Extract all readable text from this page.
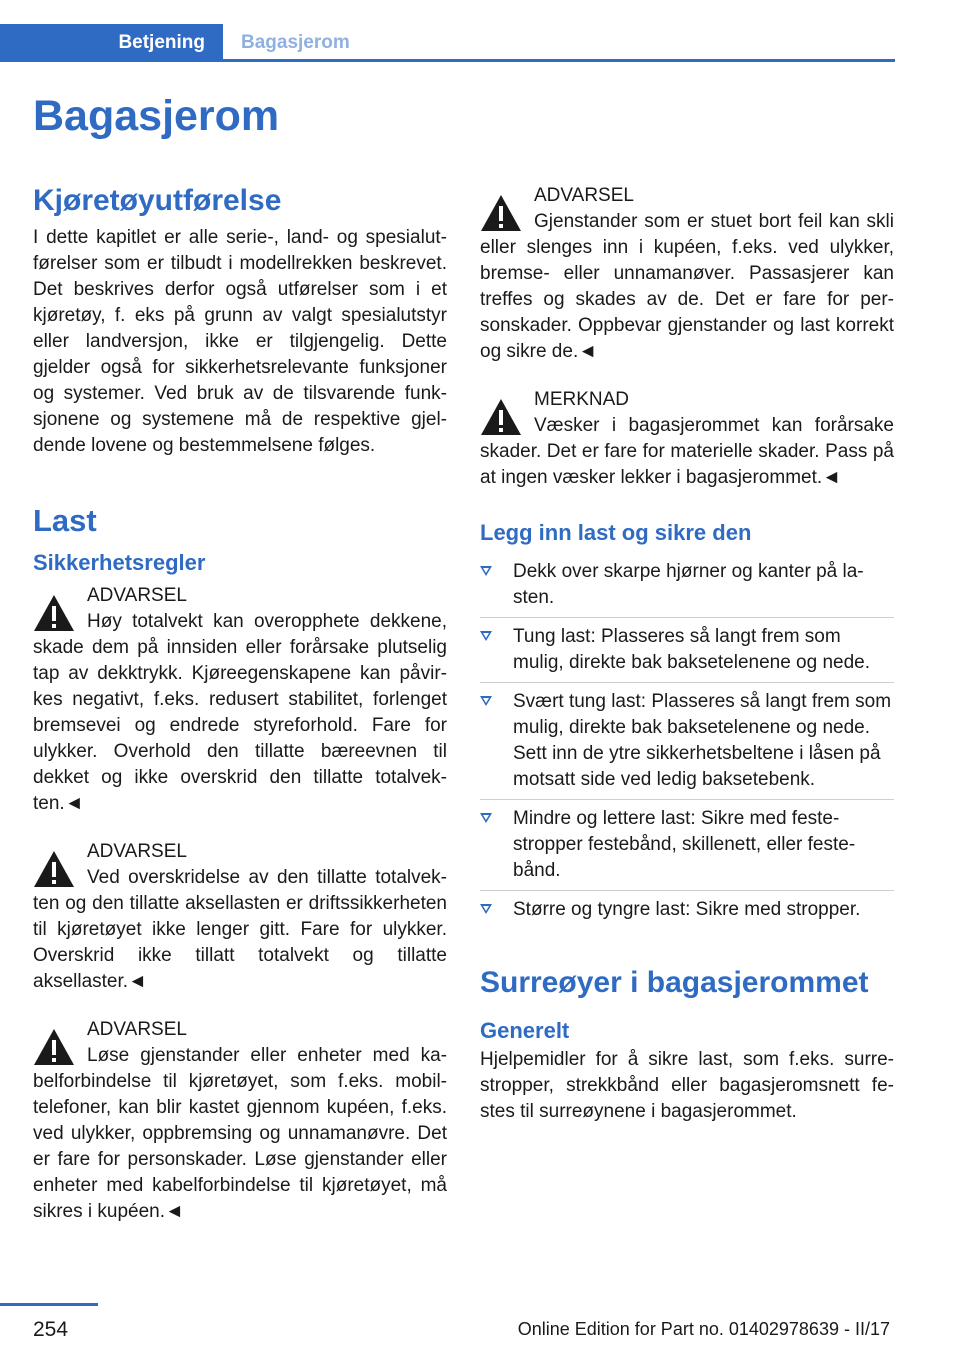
Betjening Bagasjerom
Bagasjerom
Kjøretøyutførelse

I dette kapitlet er alle serie-, land- og spesialutførelser som er tilbudt i modellrekken beskrevet. Det beskrives derfor også utførelser som i et kjøretøy, f. eks på grunn av valgt spesialutstyr eller landversjon, ikke er tilgjengelig. Dette gjelder også for sikkerhetsrelevante funksjoner og systemer. Ved bruk av de tilsvarende funksjonene og systemene må de respektive gjeldende lovene og bestemmelsene følges.

Last
Sikkerhetsregler
ADVARSEL
Høy totalvekt kan overopphete dekkene, skade dem på innsiden eller forårsake plutselig tap av dekktrykk. Kjøreegenskapene kan påvirkes negativt, f.eks. redusert stabilitet, forlenget bremsevei og endrede styreforhold. Fare for ulykker. Overhold den tillatte bæreevnen til dekket og ikke overskrid den tillatte totalvekten.◄
ADVARSEL
Ved overskridelse av den tillatte totalvekten og den tillatte aksellasten er driftssikkerheten til kjøretøyet ikke lenger gitt. Fare for ulykker. Overskrid ikke tillatt totalvekt og tillatte aksellaster.◄
ADVARSEL
Løse gjenstander eller enheter med kabelforbindelse til kjøretøyet, som f.eks. mobiltelefoner, kan blir kastet gjennom kupéen, f.eks. ved ulykker, oppbremsing og unnamanøvre. Det er fare for personskader. Løse gjenstander eller enheter med kabelforbindelse til kjøretøyet, må sikres i kupéen.◄
ADVARSEL
Gjenstander som er stuet bort feil kan skli eller slenges inn i kupéen, f.eks. ved ulykker, bremse- eller unnamanøver. Passasjerer kan treffes og skades av de. Det er fare for personskader. Oppbevar gjenstander og last korrekt og sikre de.◄
MERKNAD
Væsker i bagasjerommet kan forårsake skader. Det er fare for materielle skader. Pass på at ingen væsker lekker i bagasjerommet.◄
Legg inn last og sikre den
Dekk over skarpe hjørner og kanter på lasten.
Tung last: Plasseres så langt frem som mulig, direkte bak baksetelenene og nede.
Svært tung last: Plasseres så langt frem som mulig, direkte bak baksetelenene og nede. Sett inn de ytre sikkerhetsbeltene i låsen på motsatt side ved ledig baksetebenk.
Mindre og lettere last: Sikre med festestropper festebånd, skillenett, eller festebånd.
Større og tyngre last: Sikre med stropper.
Surreøyer i bagasjerommet
Generelt

Hjelpemidler for å sikre last, som f.eks. surrestropper, strekkbånd eller bagasjeromsnett festes til surreøynene i bagasjerommet.

254	Online Edition for Part no. 01402978639 - II/17
